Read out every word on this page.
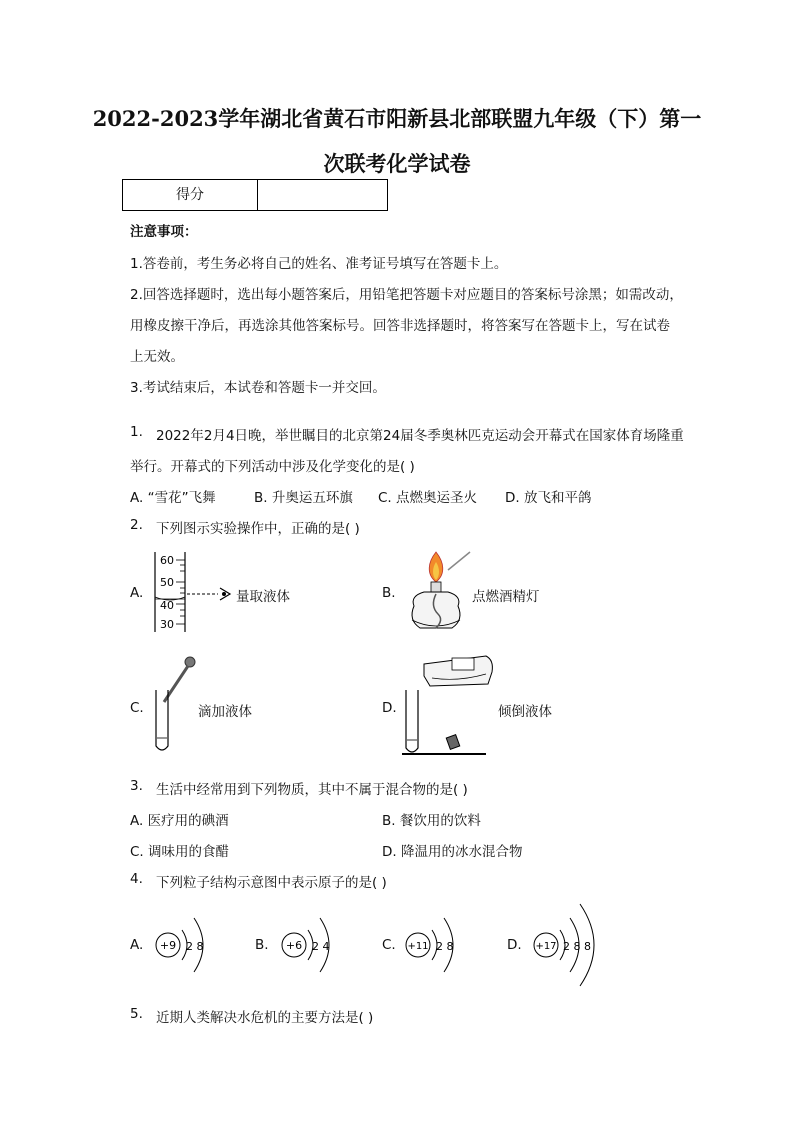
2022-2023学年湖北省黄石市阳新县北部联盟九年级（下）第一
次联考化学试卷
得分
注意事项：
1.答卷前，考生务必将自己的姓名、准考证号填写在答题卡上。
2.回答选择题时，选出每小题答案后，用铅笔把答题卡对应题目的答案标号涂黑；如需改动，
用橡皮擦干净后，再选涂其他答案标号。回答非选择题时，将答案写在答题卡上，写在试卷
上无效。
3.考试结束后，本试卷和答题卡一并交回。
1. 2022年2月4日晚，举世瞩目的北京第24届冬季奥林匹克运动会开幕式在国家体育场隆重
举行。开幕式的下列活动中涉及化学变化的是( )
A. “雪花”飞舞	B. 升奥运五环旗 C. 点燃奥运圣火 D. 放飞和平鸽
2. 下列图示实验操作中，正确的是( )
A.
60
50
40
30
量取液体	B.	点燃酒精灯
C.	滴加液体	D.	倾倒液体
3. 生活中经常用到下列物质，其中不属于混合物的是( )
A. 医疗用的碘酒	B. 餐饮用的饮料
C. 调味用的食醋	D. 降温用的冰水混合物
4. 下列粒子结构示意图中表示原子的是( )
A. +9 2 8	B. +6 2 4	C. +11 2 8	D. +17 2 8 8
5. 近期人类解决水危机的主要方法是( )
